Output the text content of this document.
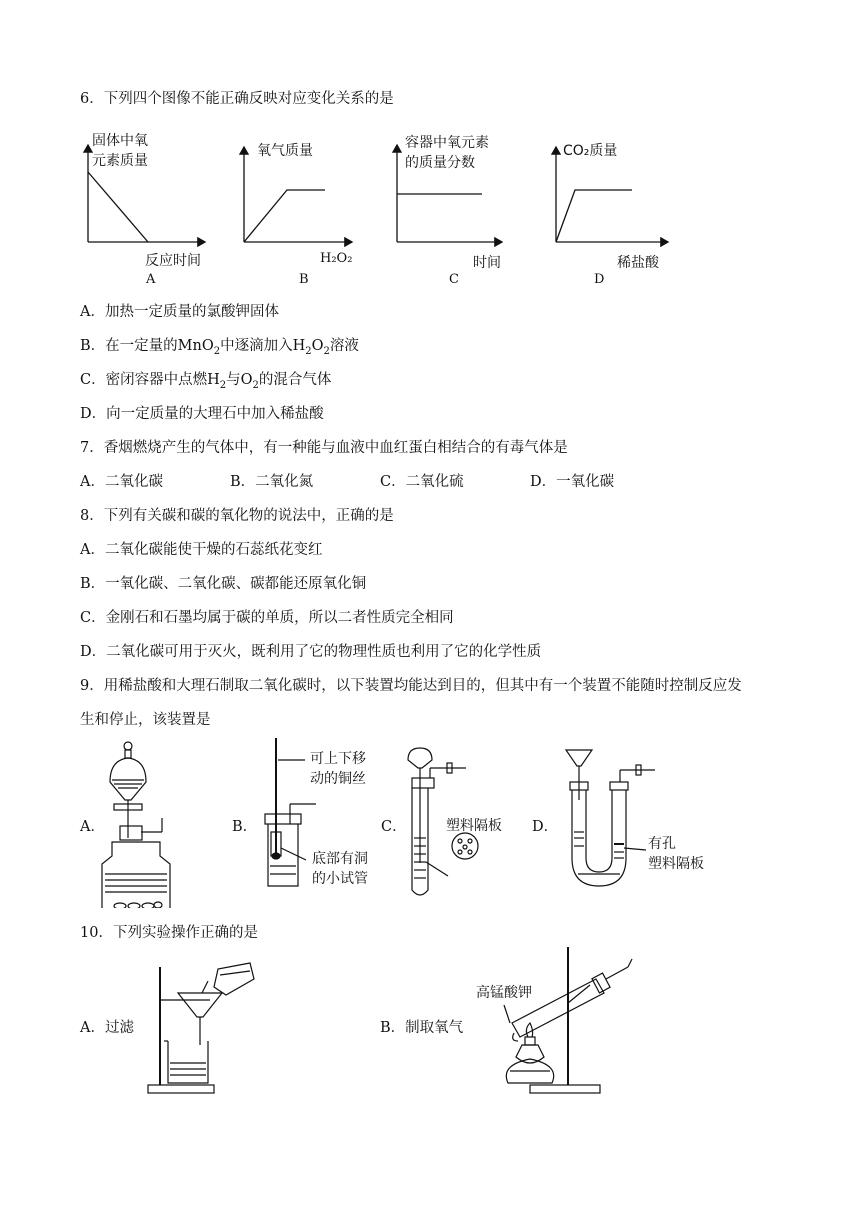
6．下列四个图像不能正确反映对应变化关系的是
固体中氧
元素质量
反应时间
A
氧气质量
H₂O₂
B
容器中氧元素
的质量分数
时间
C
CO₂质量
稀盐酸
D
A．加热一定质量的氯酸钾固体
B．在一定量的MnO$_2$中逐滴加入$H_2O_2$溶液
C．密闭容器中点燃$H_2$与$O_2$的混合气体
D．向一定质量的大理石中加入稀盐酸
7．香烟燃烧产生的气体中，有一种能与血液中血红蛋白相结合的有毒气体是
A．二氧化碳	B．二氧化氮	C．二氧化硫	D．一氧化碳
8．下列有关碳和碳的氧化物的说法中，正确的是
A．二氧化碳能使干燥的石蕊纸花变红
B．一氧化碳、二氧化碳、碳都能还原氧化铜
C．金刚石和石墨均属于碳的单质，所以二者性质完全相同
D．二氧化碳可用于灭火，既利用了它的物理性质也利用了它的化学性质
9．用稀盐酸和大理石制取二氧化碳时，以下装置均能达到目的，但其中有一个装置不能随时控制反应发
生和停止，该装置是
A．	B．	C．	D．
可上下移
动的铜丝
底部有洞
的小试管
塑料隔板
有孔
塑料隔板
10．下列实验操作正确的是
A．过滤	B．制取氧气
高锰酸钾
